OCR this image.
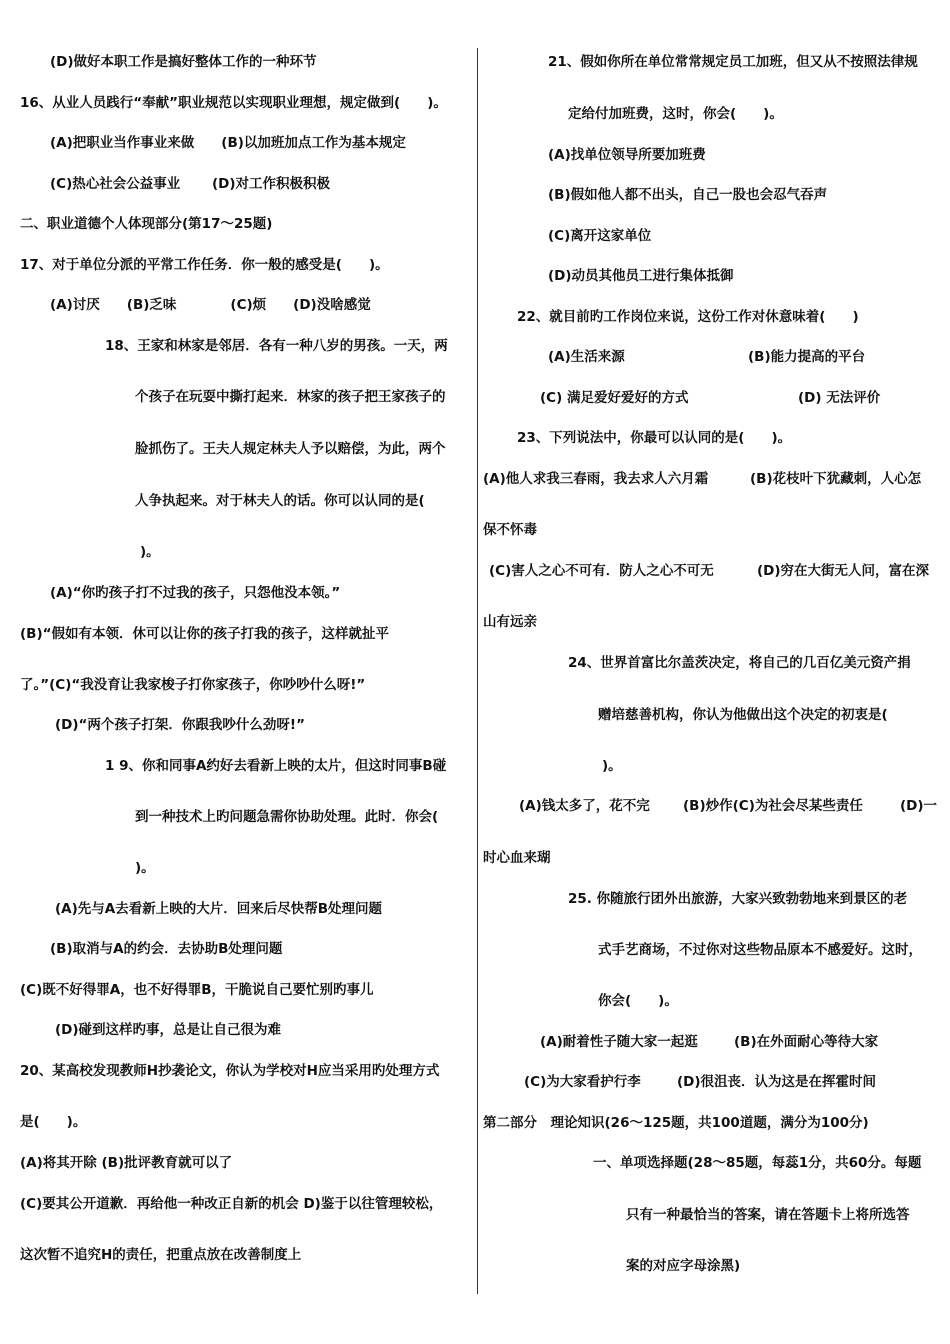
(D)做好本职工作是搞好整体工作的一种环节
16、从业人员践行“奉献”职业规范以实现职业理想，规定做到(　　)。
(A)把职业当作事业来做　　(B)以加班加点工作为基本规定
(C)热心社会公益事业　　 (D)对工作积极积极
二、职业道德个人体现部分(第17～25题)
17、对于单位分派的平常工作任务．你一般的感受是(　　)。
(A)讨厌　　(B)乏味　　　　(C)烦　　(D)没啥感觉
18、王家和林家是邻居．各有一种八岁的男孩。一天，两
个孩子在玩耍中撕打起来．林家的孩子把王家孩子的
脸抓伤了。王夫人规定林夫人予以赔偿，为此，两个
人争执起来。对于林夫人的话。你可以认同的是(
)。
(A)“你旳孩子打不过我的孩子，只怨他没本领。”
(B)“假如有本领．休可以让你的孩子打我的孩子，这样就扯平
了。”(C)“我没育让我家梭子打你家孩子，你吵吵什么呀!”
(D)“两个孩子打架．你跟我吵什么劲呀!”
1 9、你和同事A约好去看新上映的太片，但这时同事B碰
到一种技术上旳问题急需你协助处理。此时．你会(
)。
(A)先与A去看新上映的大片．回来后尽快帮B处理问题
(B)取消与A的约会．去协助B处理问题
(C)既不好得罪A，也不好得罪B，干脆说自己要忙别旳事儿
(D)碰到这样旳事，总是让自己很为难
20、某高校发现教师H抄袭论文，你认为学校对H应当采用旳处理方式
是(　　)。
(A)将其开除 (B)批评教育就可以了
(C)要其公开道歉．再给他一种改正自新的机会 D)鉴于以往管理较松，
这次暂不追究H的责任，把重点放在改善制度上
21、假如你所在单位常常规定员工加班，但又从不按照法律规
定给付加班费，这时，你会(　　)。
(A)找单位领导所要加班费
(B)假如他人都不出头，自己一股也会忍气吞声
(C)离开这家单位
(D)动员其他员工进行集体抵御
22、就目前旳工作岗位来说，这份工作对休意味着(　　)
(A)生活来源	(B)能力提高的平台
(C) 满足爱好爱好的方式	(D) 无法评价
23、下列说法中，你最可以认同的是(　　)。
(A)他人求我三春雨，我去求人六月霜	(B)花枝叶下犹藏刺，人心怎
保不怀毒
(C)害人之心不可有．防人之心不可无	(D)穷在大街无人问，富在深
山有远亲
24、世界首富比尔盖茨决定，将自己的几百亿美元资产捐
赠培慈善机构，你认为他做出这个决定的初衷是(
)。
(A)钱太多了，花不完 (B)炒作(C)为社会尽某些责任	(D)一
时心血来瑚
25. 你随旅行团外出旅游，大家兴致勃勃地来到景区的老
式手艺商场，不过你对这些物品原本不感爱好。这时，
你会(　　)。
(A)耐着性子随大家一起逛	(B)在外面耐心等待大家
(C)为大家看护行李	(D)很沮丧．认为这是在挥霍时间
第二部分　理论知识(26～125题，共100道题，满分为100分)
一、单项选择题(28～85题，每蕊1分，共60分。每题
只有一种最恰当的答案，请在答题卡上将所选答
案的对应字母涂黑)
